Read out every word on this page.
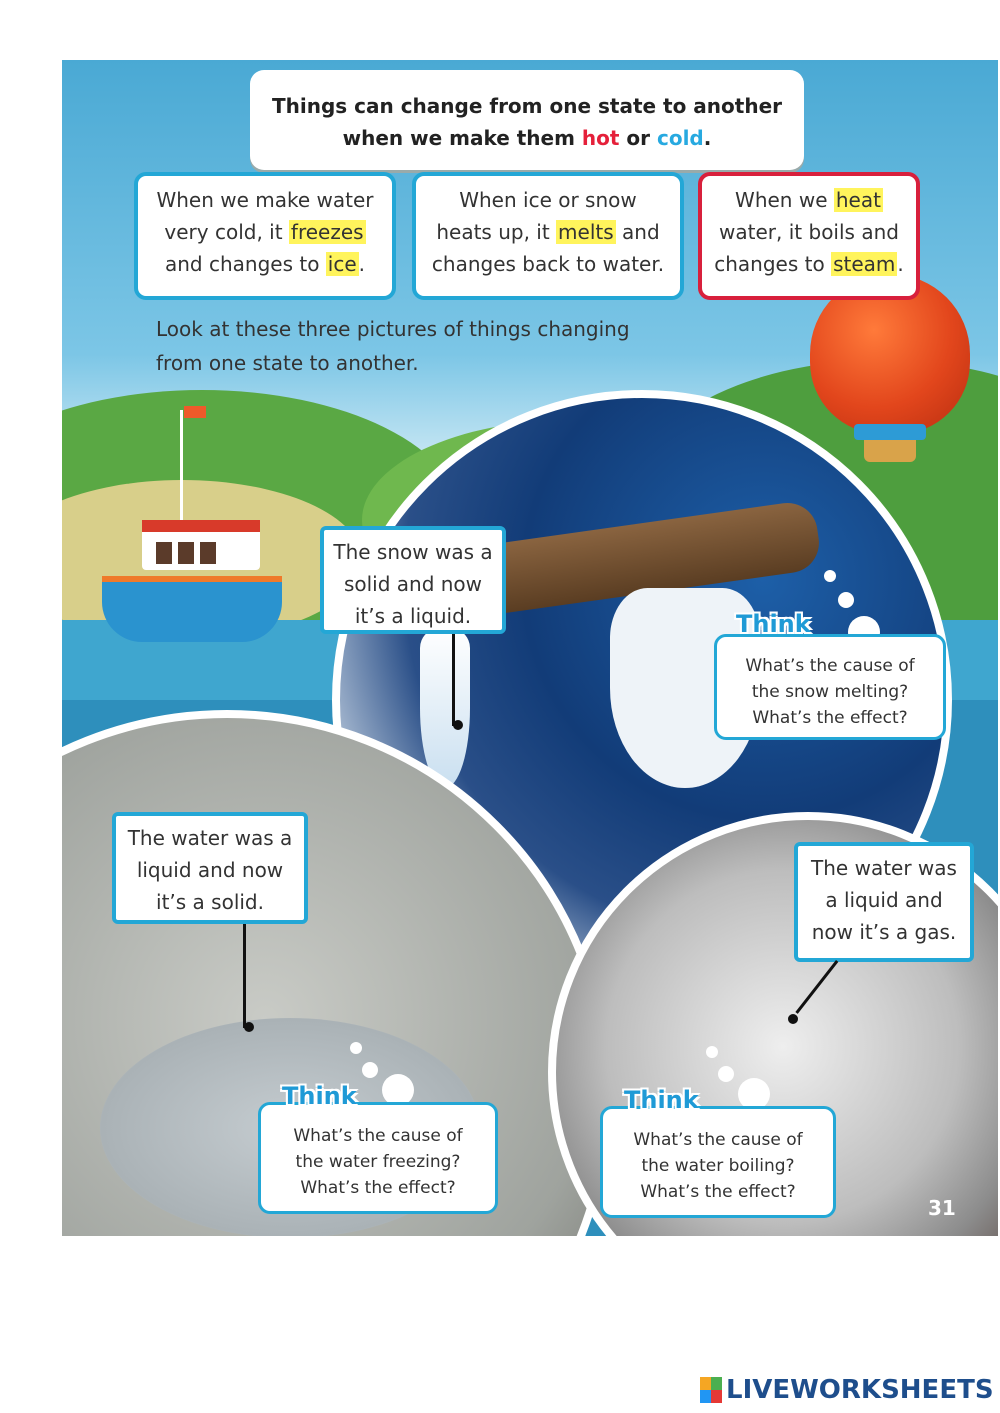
Things can change from one state to another
when we make them hot or cold.
When we make water
very cold, it freezes
and changes to ice .
When ice or snow
heats up, it melts and
changes back to water.
When we heat
water, it boils and
changes to steam .
Look at these three pictures of things changing
from one state to another.
The snow was a
solid and now
it’s a liquid.
The water was a
liquid and now
it’s a solid.
The water was
a liquid and
now it’s a gas.
What’s the cause of
the snow melting?
What’s the effect?
Think
What’s the cause of
the water freezing?
What’s the effect?
Think
What’s the cause of
the water boiling?
What’s the effect?
Think
31
LIVEWORKSHEETS
